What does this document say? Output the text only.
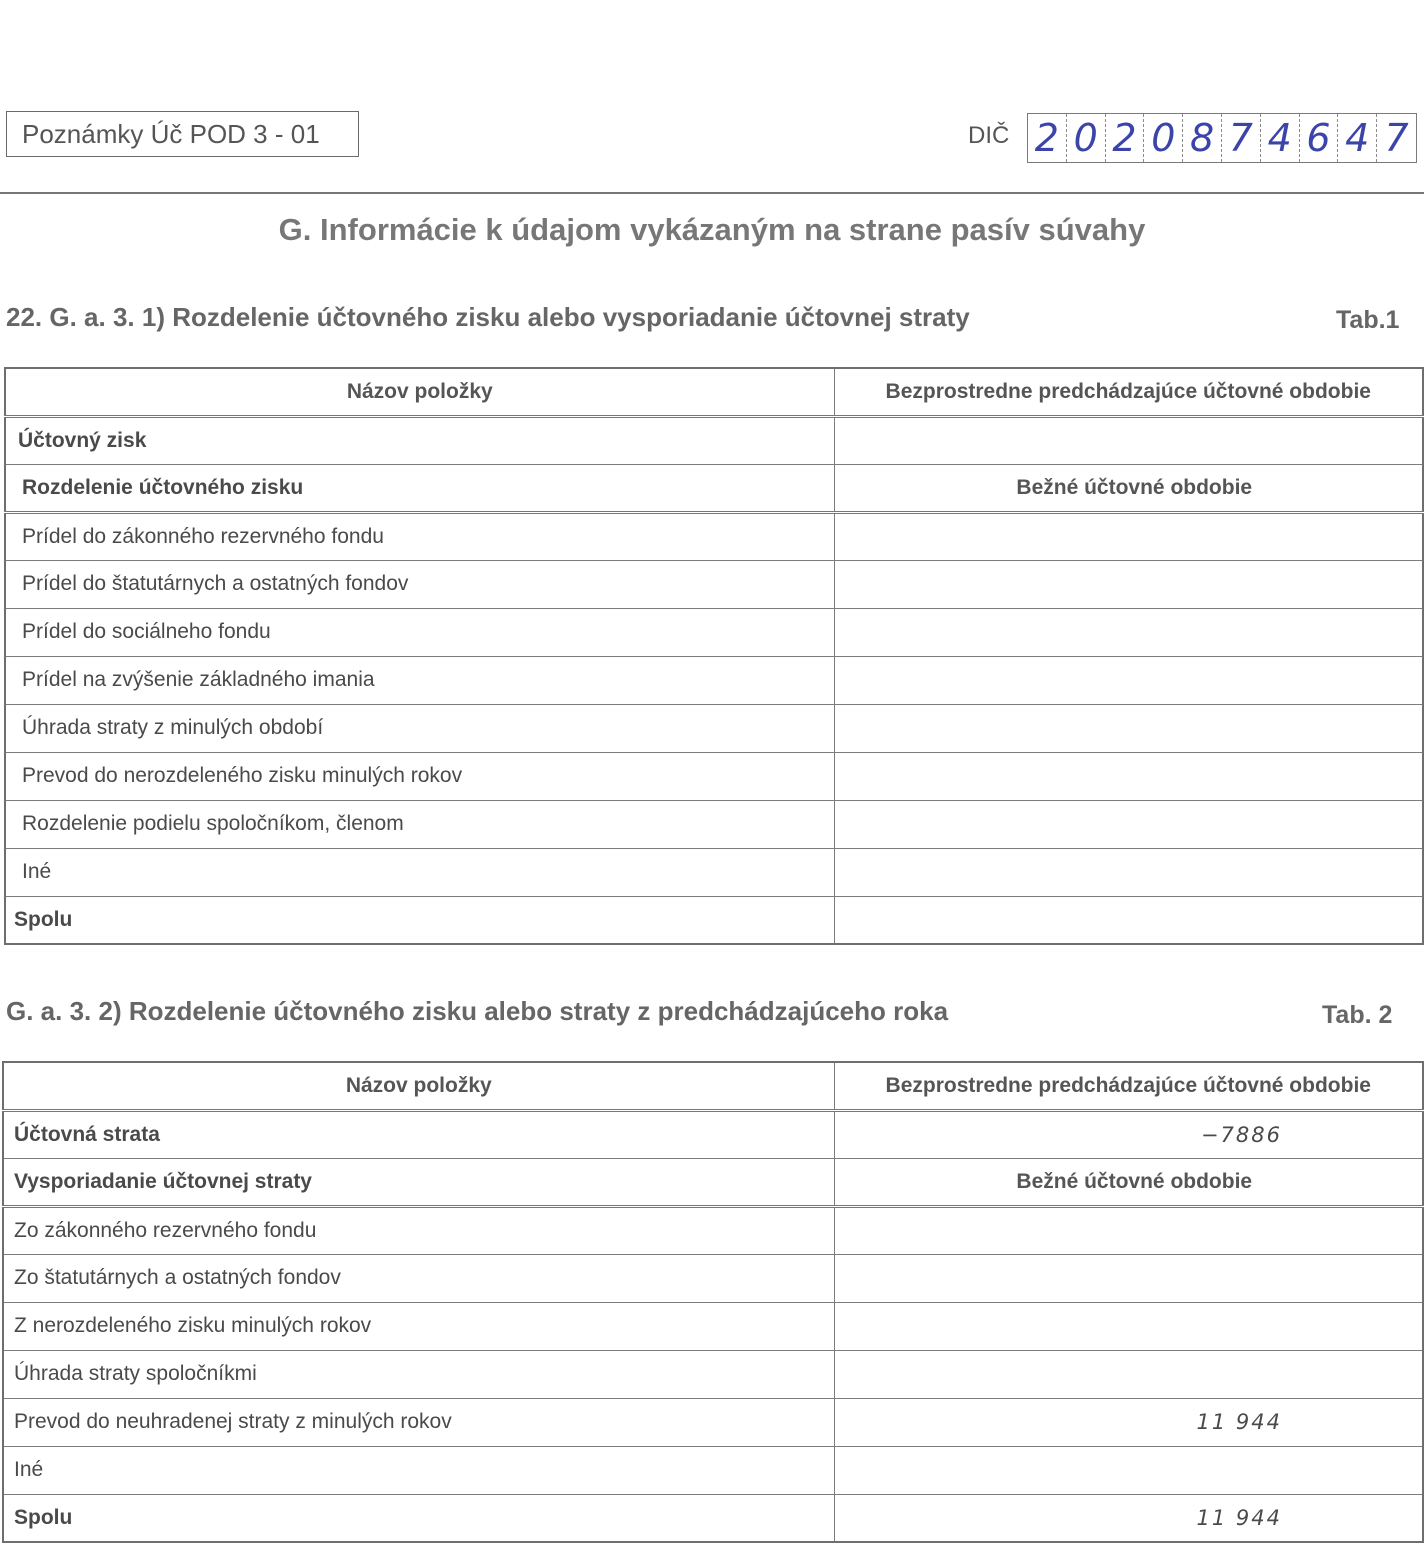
Poznámky Úč POD 3 - 01	DIČ 2 0 2 0 8 7 4 6 4 7
G. Informácie k údajom vykázaným na strane pasív súvahy
22. G. a. 3. 1) Rozdelenie účtovného zisku alebo vysporiadanie účtovnej straty	Tab.1
Názov položky	Bezprostredne predchádzajúce účtovné obdobie
Účtovný zisk	
Rozdelenie účtovného zisku	Bežné účtovné obdobie
Prídel do zákonného rezervného fondu	
Prídel do štatutárnych a ostatných fondov	
Prídel do sociálneho fondu	
Prídel na zvýšenie základného imania	
Úhrada straty z minulých období	
Prevod do nerozdeleného zisku minulých rokov	
Rozdelenie podielu spoločníkom, členom	
Iné	
Spolu	
G. a. 3. 2) Rozdelenie účtovného zisku alebo straty z predchádzajúceho roka	Tab. 2
Názov položky	Bezprostredne predchádzajúce účtovné obdobie
Účtovná strata	−7886
Vysporiadanie účtovnej straty	Bežné účtovné obdobie
Zo zákonného rezervného fondu	
Zo štatutárnych a ostatných fondov	
Z nerozdeleného zisku minulých rokov	
Úhrada straty spoločníkmi	
Prevod do neuhradenej straty z minulých rokov	11 944
Iné	
Spolu	11 944
